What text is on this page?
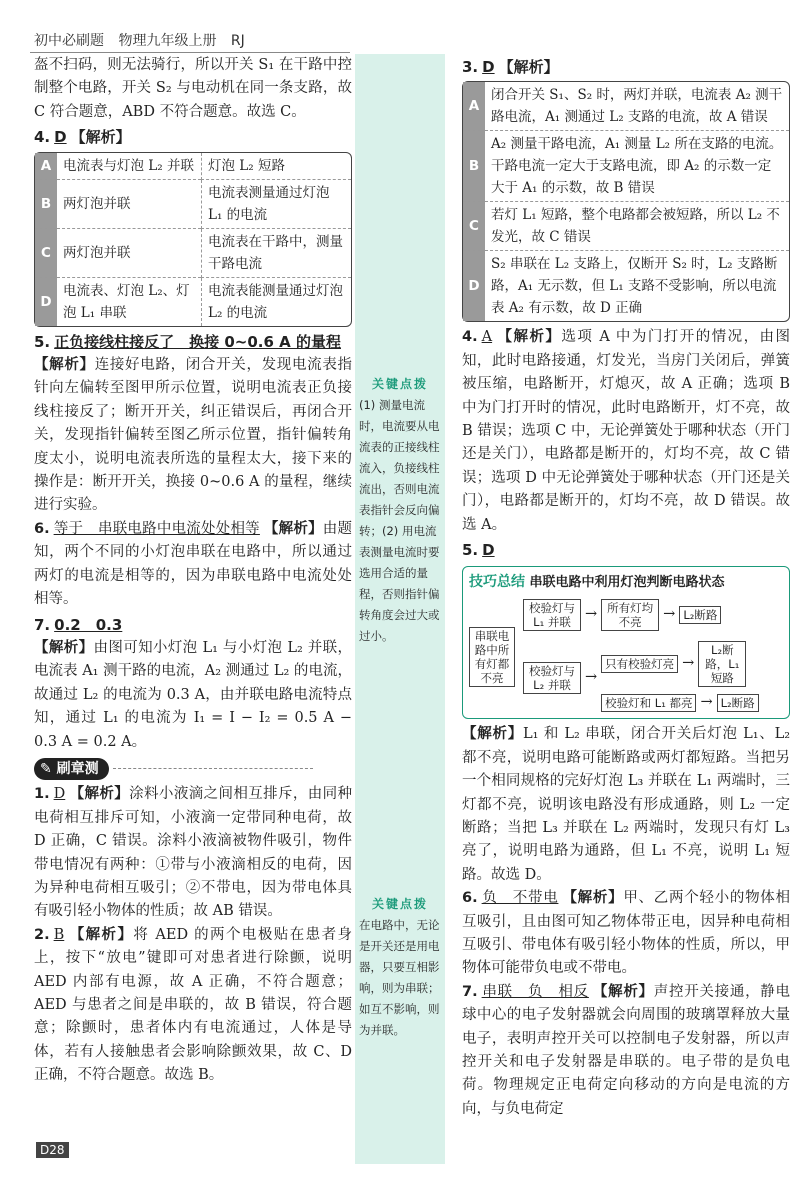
初中必刷题 物理九年级上册 RJ

盔不扫码，则无法骑行，所以开关 S₁ 在干路中控制整个电路，开关 S₂ 与电动机在同一条支路，故 C 符合题意，ABD 不符合题意。故选 C。

4. D 【解析】
A	电流表与灯泡 L₂ 并联	灯泡 L₂ 短路
B	两灯泡并联	电流表测量通过灯泡 L₁ 的电流
C	两灯泡并联	电流表在干路中，测量干路电流
D	电流表、灯泡 L₂、灯泡 L₁ 串联	电流表能测量通过灯泡 L₂ 的电流
5. 正负接线柱接反了　换接 0~0.6 A 的量程

【解析】连接好电路，闭合开关，发现电流表指针向左偏转至图甲所示位置，说明电流表正负接线柱接反了；断开开关，纠正错误后，再闭合开关，发现指针偏转至图乙所示位置，指针偏转角度太小，说明电流表所选的量程太大，接下来的操作是：断开开关，换接 0~0.6 A 的量程，继续进行实验。

6. 等于　串联电路中电流处处相等 【解析】由题知，两个不同的小灯泡串联在电路中，所以通过两灯的电流是相等的，因为串联电路中电流处处相等。

7. 0.2　0.3

【解析】由图可知小灯泡 L₁ 与小灯泡 L₂ 并联，电流表 A₁ 测干路的电流，A₂ 测通过 L₂ 的电流，故通过 L₂ 的电流为 0.3 A，由并联电路电流特点知，通过 L₁ 的电流为 I₁ = I − I₂ = 0.5 A − 0.3 A = 0.2 A。

✎ 刷章测

1. D 【解析】涂料小液滴之间相互排斥，由同种电荷相互排斥可知，小液滴一定带同种电荷，故 D 正确，C 错误。涂料小液滴被物件吸引，物件带电情况有两种：①带与小液滴相反的电荷，因为异种电荷相互吸引；②不带电，因为带电体具有吸引轻小物体的性质；故 AB 错误。

2. B 【解析】将 AED 的两个电极贴在患者身上，按下“放电”键即可对患者进行除颤，说明 AED 内部有电源，故 A 正确，不符合题意；AED 与患者之间是串联的，故 B 错误，符合题意；除颤时，患者体内有电流通过，人体是导体，若有人接触患者会影响除颤效果，故 C、D 正确，不符合题意。故选 B。

关键点拨
(1) 测量电流时，电流要从电流表的正接线柱流入，负接线柱流出，否则电流表指针会反向偏转；(2) 用电流表测量电流时要选用合适的量程，否则指针偏转角度会过大或过小。
关键点拨
在电路中，无论是开关还是用电器，只要互相影响，则为串联；如互不影响，则为并联。
3. D 【解析】
A	闭合开关 S₁、S₂ 时，两灯并联，电流表 A₂ 测干路电流，A₁ 测通过 L₂ 支路的电流，故 A 错误
B	A₂ 测量干路电流，A₁ 测量 L₂ 所在支路的电流。干路电流一定大于支路电流，即 A₂ 的示数一定大于 A₁ 的示数，故 B 错误
C	若灯 L₁ 短路，整个电路都会被短路，所以 L₂ 不发光，故 C 错误
D	S₂ 串联在 L₂ 支路上，仅断开 S₂ 时，L₂ 支路断路，A₁ 无示数，但 L₁ 支路不受影响，所以电流表 A₂ 有示数，故 D 正确

4. A 【解析】选项 A 中为门打开的情况，由图知，此时电路接通，灯发光，当房门关闭后，弹簧被压缩，电路断开，灯熄灭，故 A 正确；选项 B 中为门打开时的情况，此时电路断开，灯不亮，故 B 错误；选项 C 中，无论弹簧处于哪种状态（开门还是关门），电路都是断开的，灯均不亮，故 C 错误；选项 D 中无论弹簧处于哪种状态（开门还是关门），电路都是断开的，灯均不亮，故 D 错误。故选 A。

5. D
技巧总结 串联电路中利用灯泡判断电路状态
串联电路中所有灯都不亮
校验灯与 L₁ 并联 → 所有灯均不亮	→ L₂断路
校验灯与 L₂ 并联 →
只有校验灯亮 →
L₂断路，L₁短路
校验灯和 L₁ 都亮 → L₂断路

【解析】L₁ 和 L₂ 串联，闭合开关后灯泡 L₁、L₂ 都不亮，说明电路可能断路或两灯都短路。当把另一个相同规格的完好灯泡 L₃ 并联在 L₁ 两端时，三灯都不亮，说明该电路没有形成通路，则 L₂ 一定断路；当把 L₃ 并联在 L₂ 两端时，发现只有灯 L₃ 亮了，说明电路为通路，但 L₁ 不亮，说明 L₁ 短路。故选 D。

6. 负　不带电 【解析】甲、乙两个轻小的物体相互吸引，且由图可知乙物体带正电，因异种电荷相互吸引、带电体有吸引轻小物体的性质，所以，甲物体可能带负电或不带电。

7. 串联　负　相反 【解析】声控开关接通，静电球中心的电子发射器就会向周围的玻璃罩释放大量电子，表明声控开关可以控制电子发射器，所以声控开关和电子发射器是串联的。电子带的是负电荷。物理规定正电荷定向移动的方向是电流的方向，与负电荷定

D28
